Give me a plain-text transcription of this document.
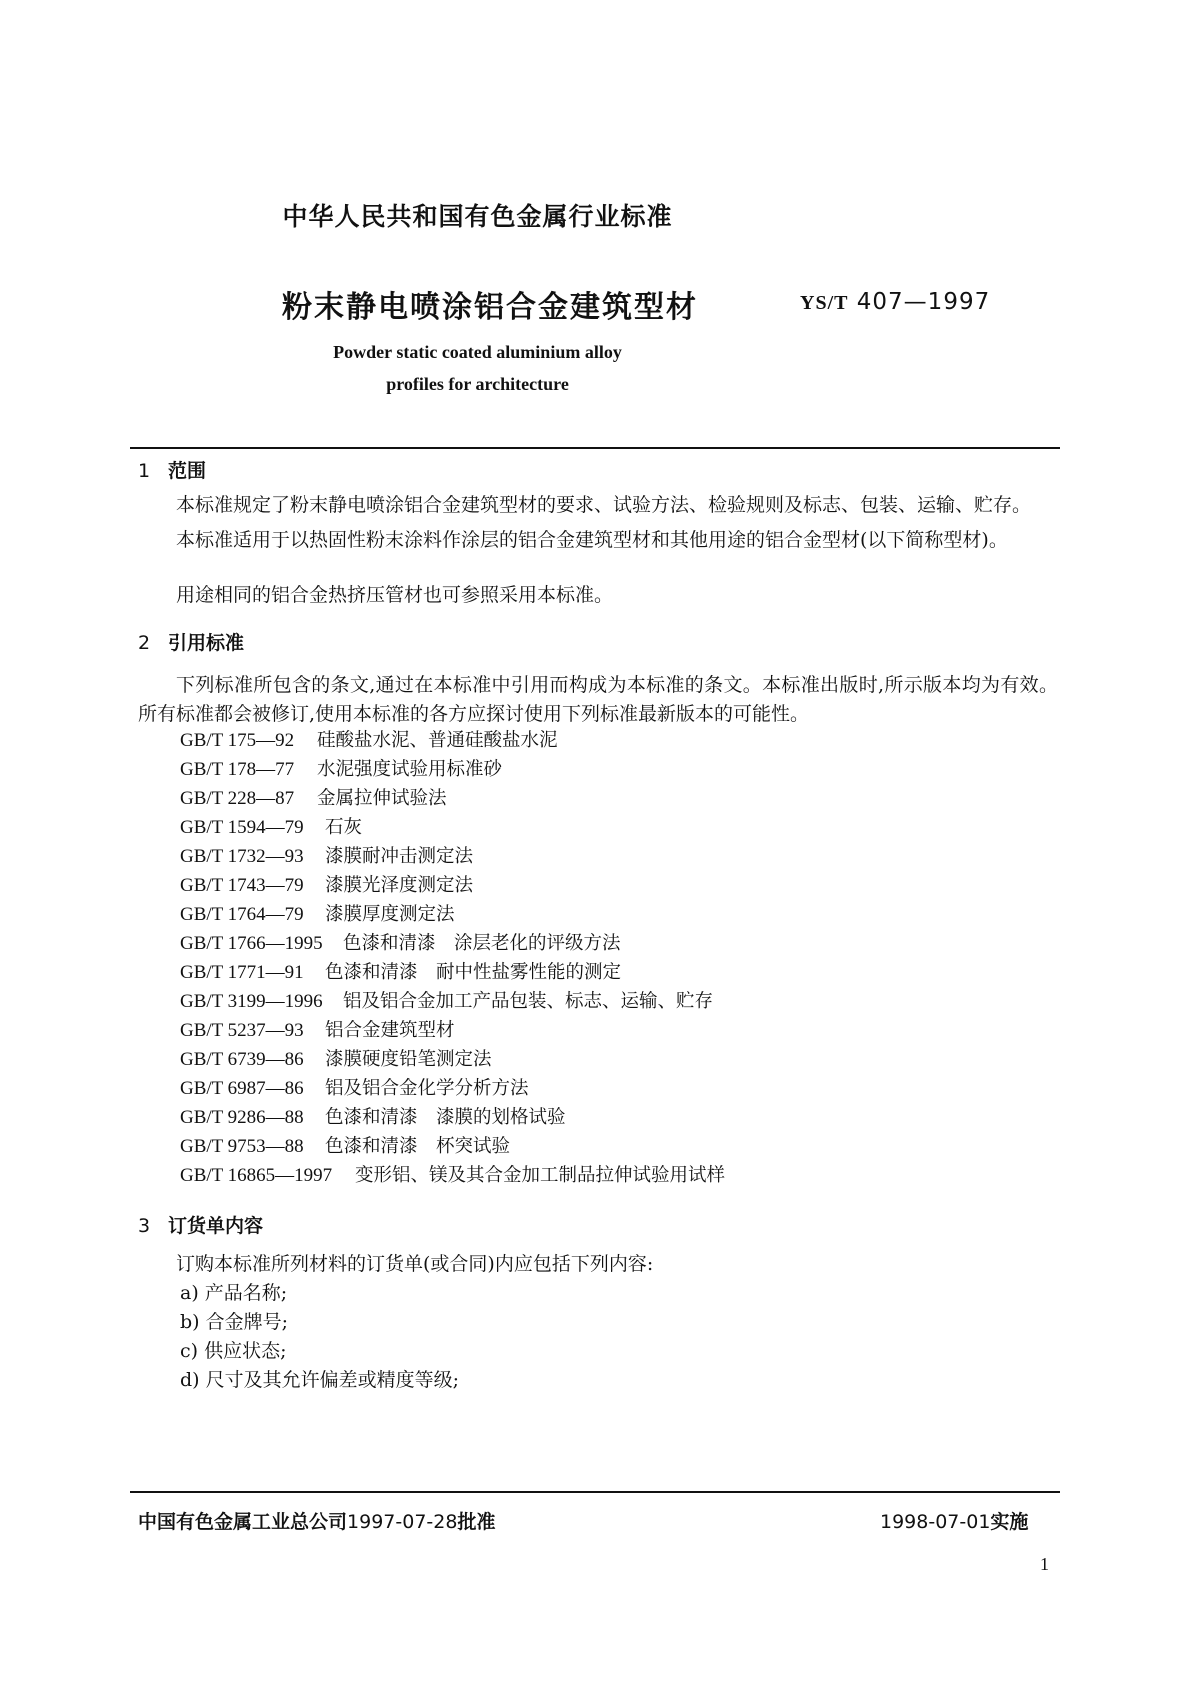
中华人民共和国有色金属行业标准

粉末静电喷涂铝合金建筑型材	YS/T 407—1997

Powder static coated aluminium alloy

profiles for architecture

1 范围

本标准规定了粉末静电喷涂铝合金建筑型材的要求、试验方法、检验规则及标志、包装、运输、贮存。

本标准适用于以热固性粉末涂料作涂层的铝合金建筑型材和其他用途的铝合金型材(以下简称型材)。

用途相同的铝合金热挤压管材也可参照采用本标准。

2 引用标准

下列标准所包含的条文,通过在本标准中引用而构成为本标准的条文。本标准出版时,所示版本均为有效。所有标准都会被修订,使用本标准的各方应探讨使用下列标准最新版本的可能性。

GB/T 175—92 硅酸盐水泥、普通硅酸盐水泥

GB/T 178—77 水泥强度试验用标准砂

GB/T 228—87 金属拉伸试验法

GB/T 1594—79 石灰

GB/T 1732—93 漆膜耐冲击测定法

GB/T 1743—79 漆膜光泽度测定法

GB/T 1764—79 漆膜厚度测定法

GB/T 1766—1995 色漆和清漆　涂层老化的评级方法

GB/T 1771—91 色漆和清漆　耐中性盐雾性能的测定

GB/T 3199—1996 铝及铝合金加工产品包装、标志、运输、贮存

GB/T 5237—93 铝合金建筑型材

GB/T 6739—86 漆膜硬度铅笔测定法

GB/T 6987—86 铝及铝合金化学分析方法

GB/T 9286—88 色漆和清漆　漆膜的划格试验

GB/T 9753—88 色漆和清漆　杯突试验

GB/T 16865—1997 变形铝、镁及其合金加工制品拉伸试验用试样

3 订货单内容

订购本标准所列材料的订货单(或合同)内应包括下列内容:

a) 产品名称;

b) 合金牌号;

c) 供应状态;

d) 尺寸及其允许偏差或精度等级;

中国有色金属工业总公司1997-07-28批准	1998-07-01实施

1
